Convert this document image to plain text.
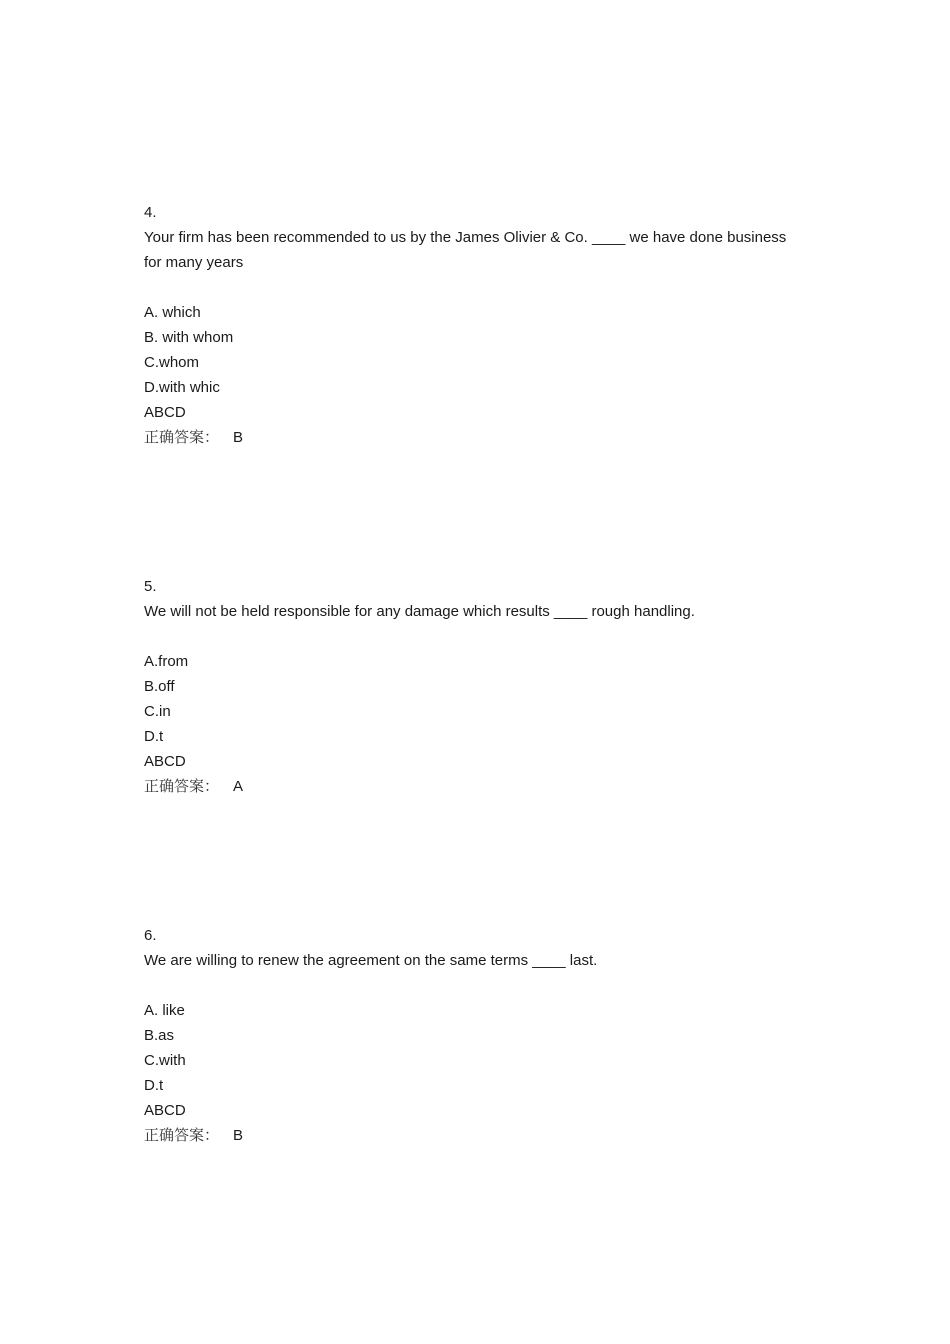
4.
Your firm has been recommended to us by the James Olivier & Co. ____ we have done business
for many years
A. which
B. with whom
C.whom
D.with whic
ABCD
正确答案： B
5.
We will not be held responsible for any damage which results ____ rough handling.
A.from
B.off
C.in
D.t
ABCD
正确答案： A
6.
We are willing to renew the agreement on the same terms ____ last.
A. like
B.as
C.with
D.t
ABCD
正确答案： B
